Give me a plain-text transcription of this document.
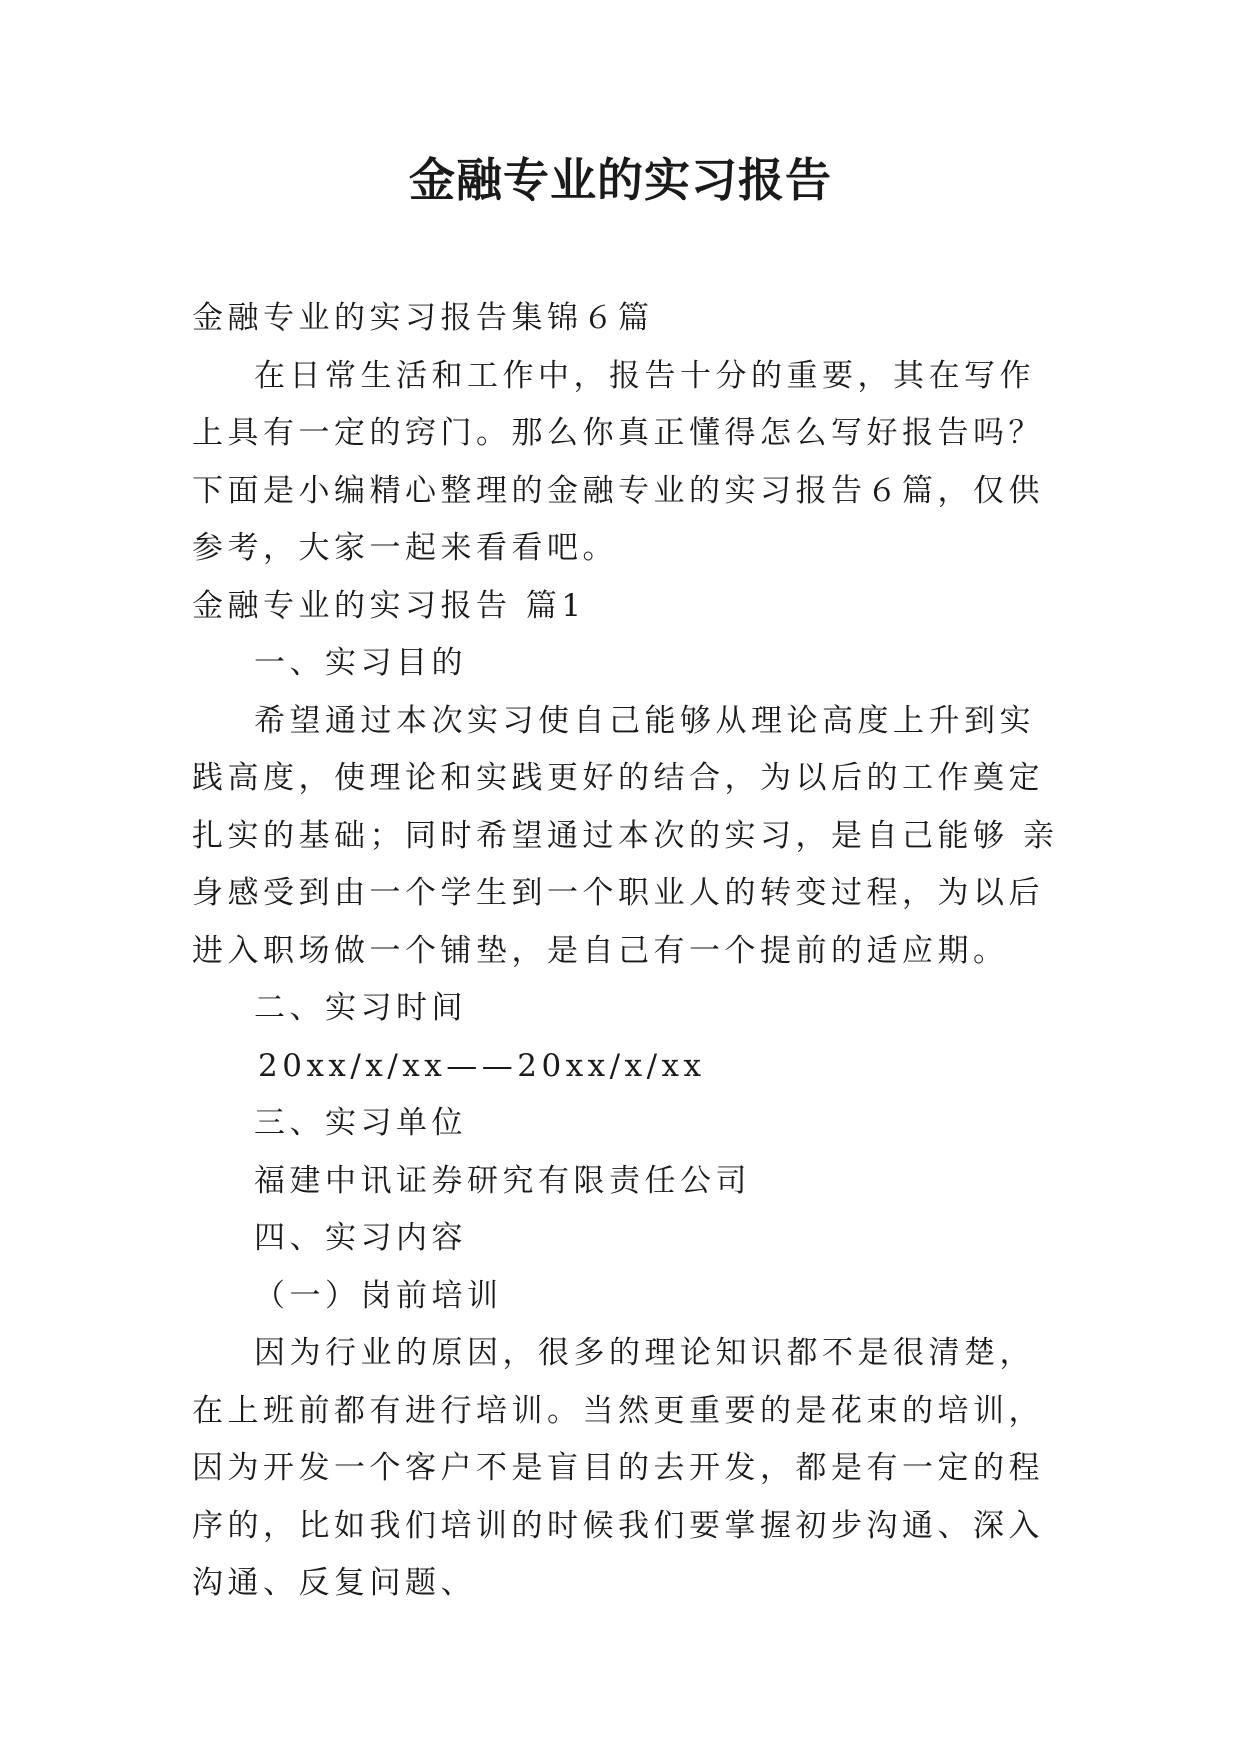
金融专业的实习报告

金融专业的实习报告集锦６篇

在日常生活和工作中，报告十分的重要，其在写作上具有一定的窍门。那么你真正懂得怎么写好报告吗？下面是小编精心整理的金融专业的实习报告６篇，仅供参考，大家一起来看看吧。

金融专业的实习报告 篇1

一、实习目的

希望通过本次实习使自己能够从理论高度上升到实践高度，使理论和实践更好的结合，为以后的工作奠定扎实的基础；同时希望通过本次的实习，是自己能够 亲身感受到由一个学生到一个职业人的转变过程，为以后进入职场做一个铺垫，是自己有一个提前的适应期。

二、实习时间

20xx/x/xx——20xx/x/xx

三、实习单位

福建中讯证券研究有限责任公司

四、实习内容

（一）岗前培训

因为行业的原因，很多的理论知识都不是很清楚，在上班前都有进行培训。当然更重要的是花束的培训，因为开发一个客户不是盲目的去开发，都是有一定的程序的，比如我们培训的时候我们要掌握初步沟通、深入沟通、反复问题、
